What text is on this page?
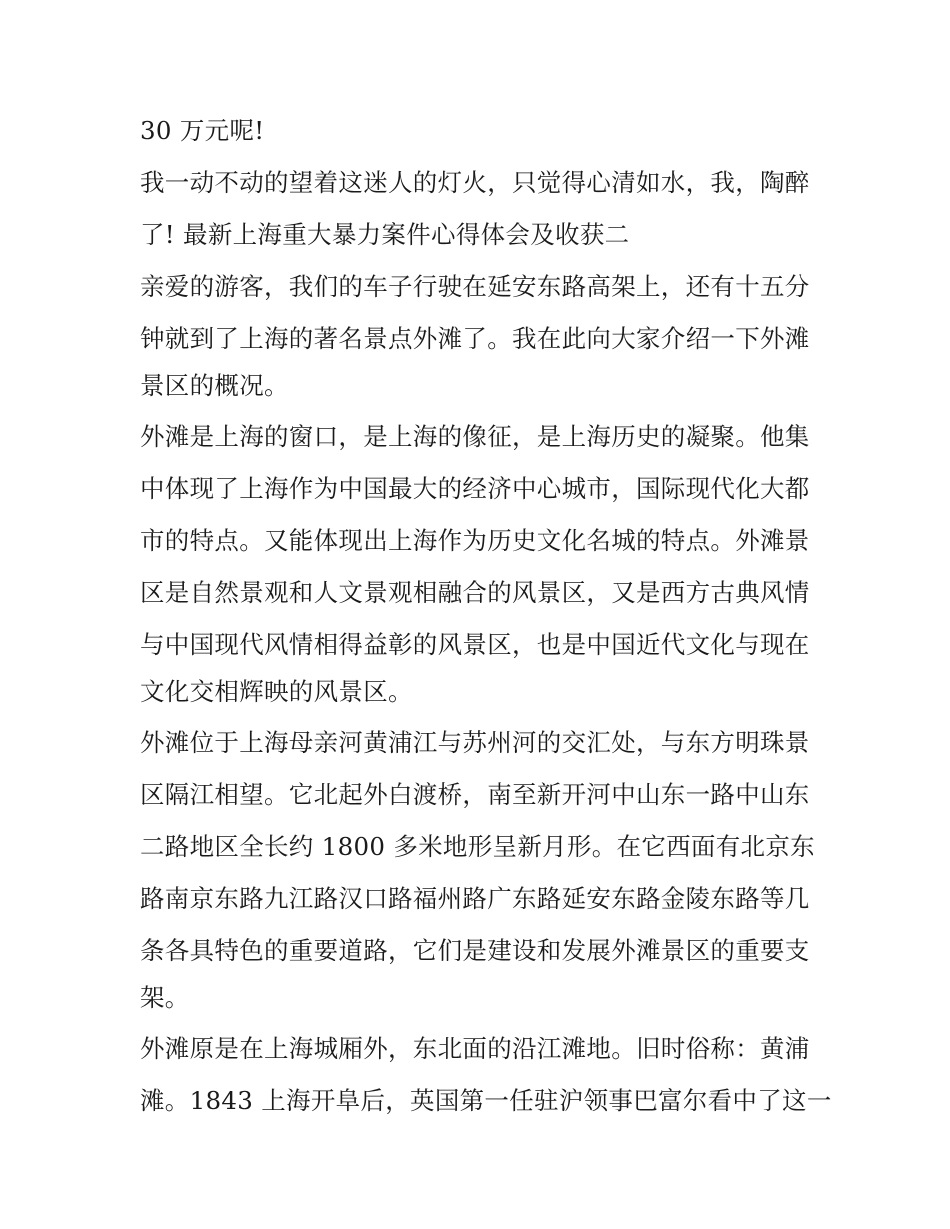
30 万元呢!
我一动不动的望着这迷人的灯火，只觉得心清如水，我，陶醉
了! 最新上海重大暴力案件心得体会及收获二
亲爱的游客，我们的车子行驶在延安东路高架上，还有十五分
钟就到了上海的著名景点外滩了。我在此向大家介绍一下外滩
景区的概况。
外滩是上海的窗口，是上海的像征，是上海历史的凝聚。他集
中体现了上海作为中国最大的经济中心城市，国际现代化大都
市的特点。又能体现出上海作为历史文化名城的特点。外滩景
区是自然景观和人文景观相融合的风景区，又是西方古典风情
与中国现代风情相得益彰的风景区，也是中国近代文化与现在
文化交相辉映的风景区。
外滩位于上海母亲河黄浦江与苏州河的交汇处，与东方明珠景
区隔江相望。它北起外白渡桥，南至新开河中山东一路中山东
二路地区全长约 1800 多米地形呈新月形。在它西面有北京东
路南京东路九江路汉口路福州路广东路延安东路金陵东路等几
条各具特色的重要道路，它们是建设和发展外滩景区的重要支
架。
外滩原是在上海城厢外，东北面的沿江滩地。旧时俗称：黄浦
滩。1843 上海开阜后，英国第一任驻沪领事巴富尔看中了这一
